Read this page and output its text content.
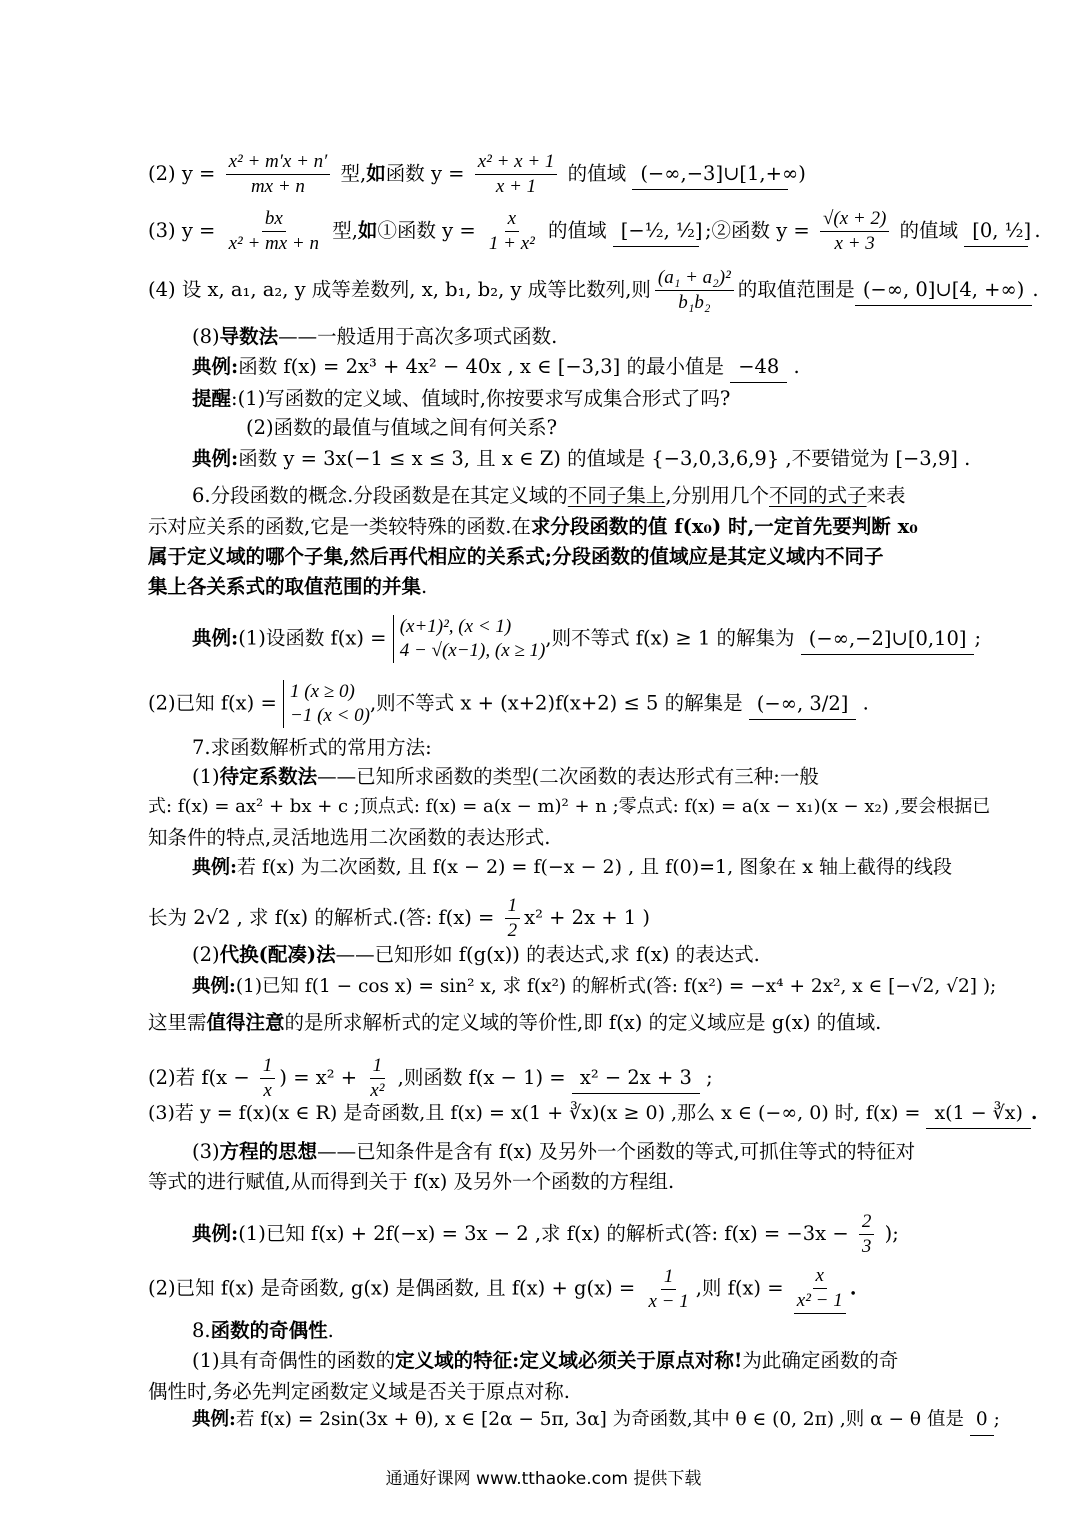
(2) $y = \frac{\text{x² + m′x + n′}}{mx + n}$ 型,如函数 $y = \frac{\text{x² + x + 1}}{x + 1}$ 的值域 (−∞,−3]∪[1,+∞)
(3) $y = \frac{bx}{\text{x² + mx + n}}$ 型,如①函数 $y = \frac{x}{\text{1 + x²}}$ 的值域 [−½, ½] ;②函数 $y = \frac{√(x + 2)}{x + 3}$ 的值域 [0, ½] .
(4) 设 x, a₁, a₂, y 成等差数列, x, b₁, b₂, y 成等比数列,则 $\frac{\text{(a₁ + a₂)²}}{\text{b₁b₂}}$ 的取值范围是 (−∞, 0]∪[4, +∞) .
(8)导数法——一般适用于高次多项式函数.
典例:函数 f(x) = 2x³ + 4x² − 40x , x ∈ [−3,3] 的最小值是 −48 .
提醒:(1)写函数的定义域、值域时,你按要求写成集合形式了吗?
(2)函数的最值与值域之间有何关系?
典例:函数 y = 3x(−1 ≤ x ≤ 3, 且 x ∈ Z) 的值域是 {−3,0,3,6,9} ,不要错觉为 [−3,9] .
6.分段函数的概念.分段函数是在其定义域的不同子集上,分别用几个不同的式子来表
示对应关系的函数,它是一类较特殊的函数.在求分段函数的值 f(x₀) 时,一定首先要判断 x₀
属于定义域的哪个子集,然后再代相应的关系式;分段函数的值域应是其定义域内不同子
集上各关系式的取值范围的并集.
典例:(1)设函数 f(x) = (x+1)², (x < 1)
4 − √(x−1), (x ≥ 1)
,则不等式 f(x) ≥ 1 的解集为 (−∞,−2]∪[0,10] ;
(2)已知 f(x) = 1 (x ≥ 0)
−1 (x < 0)
,则不等式 x + (x+2)f(x+2) ≤ 5 的解集是 (−∞, 3/2] .
7.求函数解析式的常用方法:
(1)待定系数法——已知所求函数的类型(二次函数的表达形式有三种:一般
式: f(x) = ax² + bx + c ;顶点式: f(x) = a(x − m)² + n ;零点式: f(x) = a(x − x₁)(x − x₂) ,要会根据已
知条件的特点,灵活地选用二次函数的表达形式.
典例:若 f(x) 为二次函数, 且 f(x − 2) = f(−x − 2) , 且 f(0)=1, 图象在 x 轴上截得的线段
长为 2√2 , 求 f(x) 的解析式.(答: $f(x) = \frac{1}{2} x^2 + 2x + 1$ )
(2)代换(配凑)法——已知形如 f(g(x)) 的表达式,求 f(x) 的表达式.
典例:(1)已知 f(1 − cos x) = sin² x, 求 f(x²) 的解析式(答: f(x²) = −x⁴ + 2x², x ∈ [−√2, √2] );
这里需值得注意的是所求解析式的定义域的等价性,即 f(x) 的定义域应是 g(x) 的值域.
(2)若 $f(x - \frac{1}{x}$ ) = $x^2 + \frac{1}{\text{x²}}$ ,则函数 f(x − 1) = x² − 2x + 3 ;
(3)若 y = f(x)(x ∈ R) 是奇函数,且 f(x) = x(1 + ∛x)(x ≥ 0) ,那么 x ∈ (−∞, 0) 时, f(x) = x(1 − ∛x) .
(3)方程的思想——已知条件是含有 f(x) 及另外一个函数的等式,可抓住等式的特征对
等式的进行赋值,从而得到关于 f(x) 及另外一个函数的方程组.
典例:(1)已知 f(x) + 2f(−x) = 3x − 2 ,求 f(x) 的解析式(答: $f(x) = -3x - \frac{2}{3}$ );
(2)已知 f(x) 是奇函数, g(x) 是偶函数, 且 $f(x) + g(x) = \frac{1}{x - 1}$ ,则 $f(x) = \frac{x}{\text{x² − 1}}$ .
8.函数的奇偶性.
(1)具有奇偶性的函数的定义域的特征:定义域必须关于原点对称!为此确定函数的奇
偶性时,务必先判定函数定义域是否关于原点对称.
典例:若 f(x) = 2sin(3x + θ), x ∈ [2α − 5π, 3α] 为奇函数,其中 θ ∈ (0, 2π) ,则 α − θ 值是 0 ;
通通好课网 www.tthaoke.com 提供下载
